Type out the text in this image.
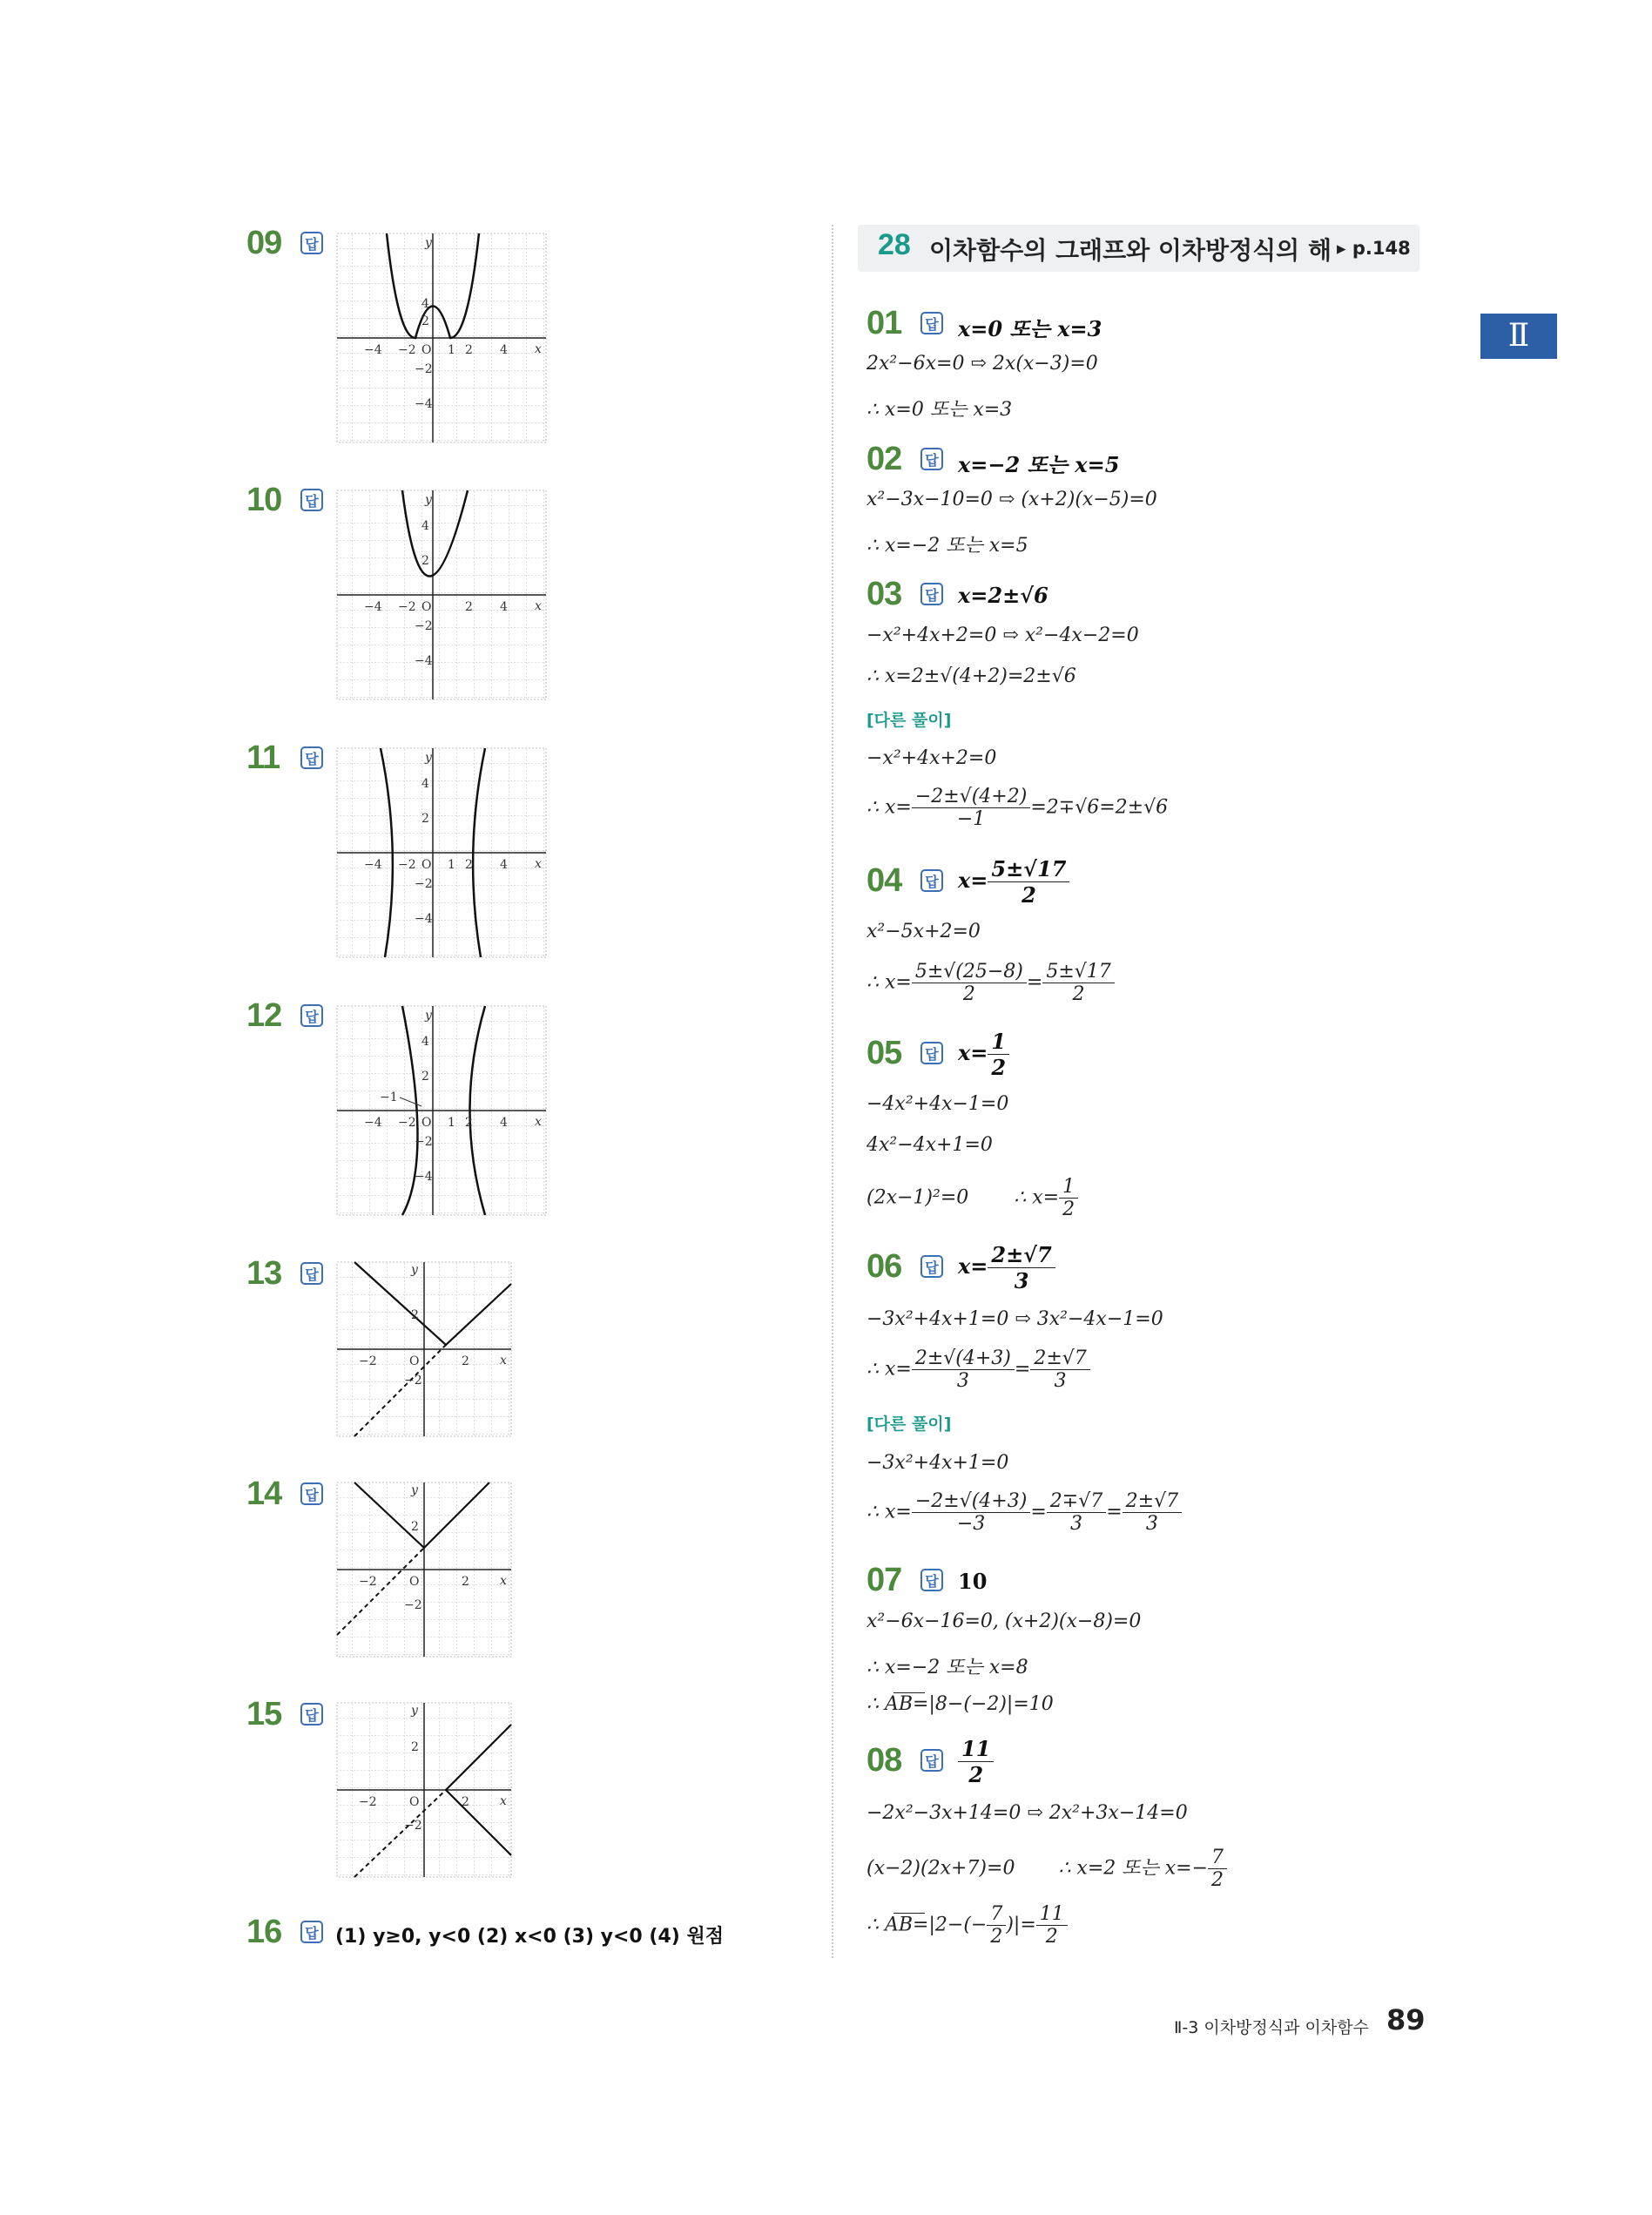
28 이차함수의 그래프와 이차방정식의 해 ▸ p.148
Ⅱ
09	답
10	답
11	답
12	답
13	답
14	답
15	답
−4 −2 O 1 2 4 x
y
4
2
−2
−4
−4 −2 O	2 4 x
y
4
2
−2
−4
−4 −2 O 1 2 4 x
y
4
2
−2
−4
−1
−4 −2 O 1 2 4 x
y
4
2
−2
−4
−2	O	2	x
y
2
−2
−2	O	2	x
y
2
−2
−2	O	2	x
y
2
−2
16	답 (1) y≥0, y<0 (2) x<0 (3) y<0 (4) 원점
01	답 x=0 또는 x=3
2x²−6x=0 ⇨ 2x(x−3)=0
∴ x=0 또는 x=3
02	답 x=−2 또는 x=5
x²−3x−10=0 ⇨ (x+2)(x−5)=0
∴ x=−2 또는 x=5
03	답 x=2±√6
−x²+4x+2=0 ⇨ x²−4x−2=0
∴ x=2±√(4+2)=2±√6
[다른 풀이]
−x²+4x+2=0
∴ $x= \frac{-2\pm√(4+2)}{-1} =2\mp√6=2\pm√6$
04	답 $x= \frac{5\pm√17}{2}$
x²−5x+2=0
∴ $x= \frac{5\pm√(25-8)}{2} = \frac{5\pm√17}{2}$
05	답 $x= \frac{1}{2}$
−4x²+4x−1=0
4x²−4x+1=0
(2x−1)²=0 ∴ $x= \frac{1}{2}$
06	답 $x= \frac{2\pm√7}{3}$
−3x²+4x+1=0 ⇨ 3x²−4x−1=0
∴ $x= \frac{2\pm√(4+3)}{3} = \frac{2\pm√7}{3}$
[다른 풀이]
−3x²+4x+1=0
∴ $x= \frac{-2\pm√(4+3)}{-3} = \frac{2\mp√7}{3} = \frac{2\pm√7}{3}$
07	답 10
x²−6x−16=0, (x+2)(x−8)=0
∴ x=−2 또는 x=8
∴ AB=|8−(−2)|=10
08	답 $\frac{11}{2}$
−2x²−3x+14=0 ⇨ 2x²+3x−14=0
(x−2)(2x+7)=0 ∴ x=2 또는 $x=- \frac{7}{2}$
∴ $AB=|2-(- \frac{7}{2}$ )|= $\frac{11}{2}$
Ⅱ-3 이차방정식과 이차함수 89
